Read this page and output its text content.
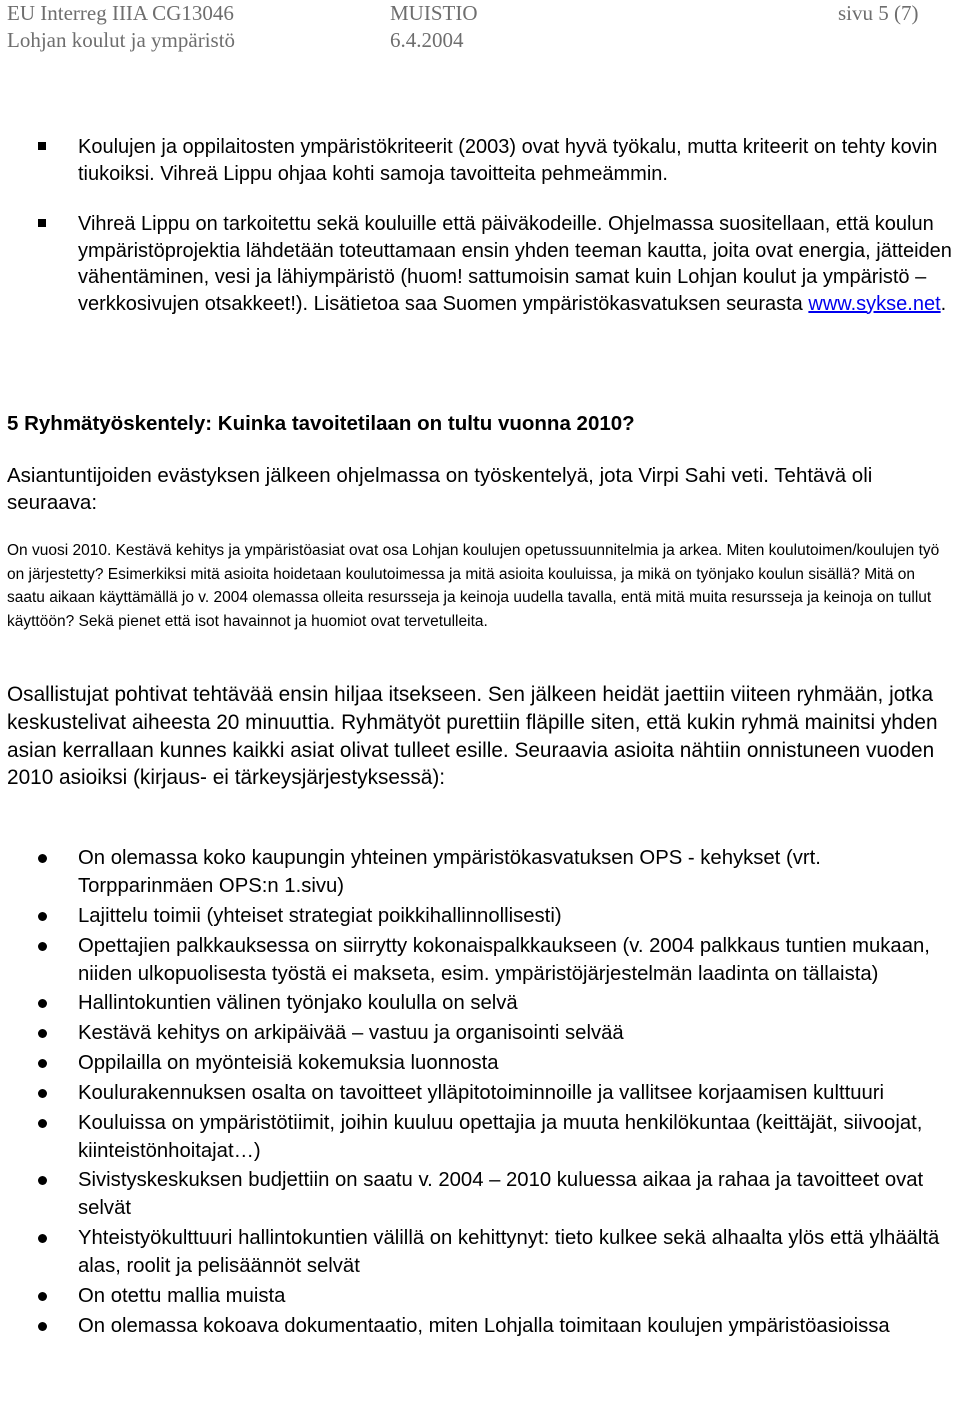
EU Interreg IIIA CG13046	MUISTIO	sivu 5 (7)
Lohjan koulut ja ympäristö	6.4.2004
Koulujen ja oppilaitosten ympäristökriteerit (2003) ovat hyvä työkalu, mutta kriteerit on tehty kovin tiukoiksi. Vihreä Lippu ohjaa kohti samoja tavoitteita pehmeämmin.
Vihreä Lippu on tarkoitettu sekä kouluille että päiväkodeille. Ohjelmassa suositellaan, että koulun ympäristöprojektia lähdetään toteuttamaan ensin yhden teeman kautta, joita ovat energia, jätteiden vähentäminen, vesi ja lähiympäristö (huom! sattumoisin samat kuin Lohjan koulut ja ympäristö – verkkosivujen otsakkeet!). Lisätietoa saa Suomen ympäristökasvatuksen seurasta www.sykse.net.
5 Ryhmätyöskentely: Kuinka tavoitetilaan on tultu vuonna 2010?
Asiantuntijoiden evästyksen jälkeen ohjelmassa on työskentelyä, jota Virpi Sahi veti. Tehtävä oli seuraava:
On vuosi 2010. Kestävä kehitys ja ympäristöasiat ovat osa Lohjan koulujen opetussuunnitelmia ja arkea. Miten koulutoimen/koulujen työ on järjestetty? Esimerkiksi mitä asioita hoidetaan koulutoimessa ja mitä asioita kouluissa, ja mikä on työnjako koulun sisällä? Mitä on saatu aikaan käyttämällä jo v. 2004 olemassa olleita resursseja ja keinoja uudella tavalla, entä mitä muita resursseja ja keinoja on tullut käyttöön? Sekä pienet että isot havainnot ja huomiot ovat tervetulleita.
Osallistujat pohtivat tehtävää ensin hiljaa itsekseen. Sen jälkeen heidät jaettiin viiteen ryhmään, jotka keskustelivat aiheesta 20 minuuttia. Ryhmätyöt purettiin fläpille siten, että kukin ryhmä mainitsi yhden asian kerrallaan kunnes kaikki asiat olivat tulleet esille. Seuraavia asioita nähtiin onnistuneen vuoden 2010 asioiksi (kirjaus- ei tärkeysjärjestyksessä):
On olemassa koko kaupungin yhteinen ympäristökasvatuksen OPS - kehykset (vrt. Torpparinmäen OPS:n 1.sivu)
Lajittelu toimii (yhteiset strategiat poikkihallinnollisesti)
Opettajien palkkauksessa on siirrytty kokonaispalkkaukseen (v. 2004 palkkaus tuntien mukaan, niiden ulkopuolisesta työstä ei makseta, esim. ympäristöjärjestelmän laadinta on tällaista)
Hallintokuntien välinen työnjako koululla on selvä
Kestävä kehitys on arkipäivää – vastuu ja organisointi selvää
Oppilailla on myönteisiä kokemuksia luonnosta
Koulurakennuksen osalta on tavoitteet ylläpitotoiminnoille ja vallitsee korjaamisen kulttuuri
Kouluissa on ympäristötiimit, joihin kuuluu opettajia ja muuta henkilökuntaa (keittäjät, siivoojat, kiinteistönhoitajat…)
Sivistyskeskuksen budjettiin on saatu v. 2004 – 2010 kuluessa aikaa ja rahaa ja tavoitteet ovat selvät
Yhteistyökulttuuri hallintokuntien välillä on kehittynyt: tieto kulkee sekä alhaalta ylös että ylhäältä alas, roolit ja pelisäännöt selvät
On otettu mallia muista
On olemassa kokoava dokumentaatio, miten Lohjalla toimitaan koulujen ympäristöasioissa
